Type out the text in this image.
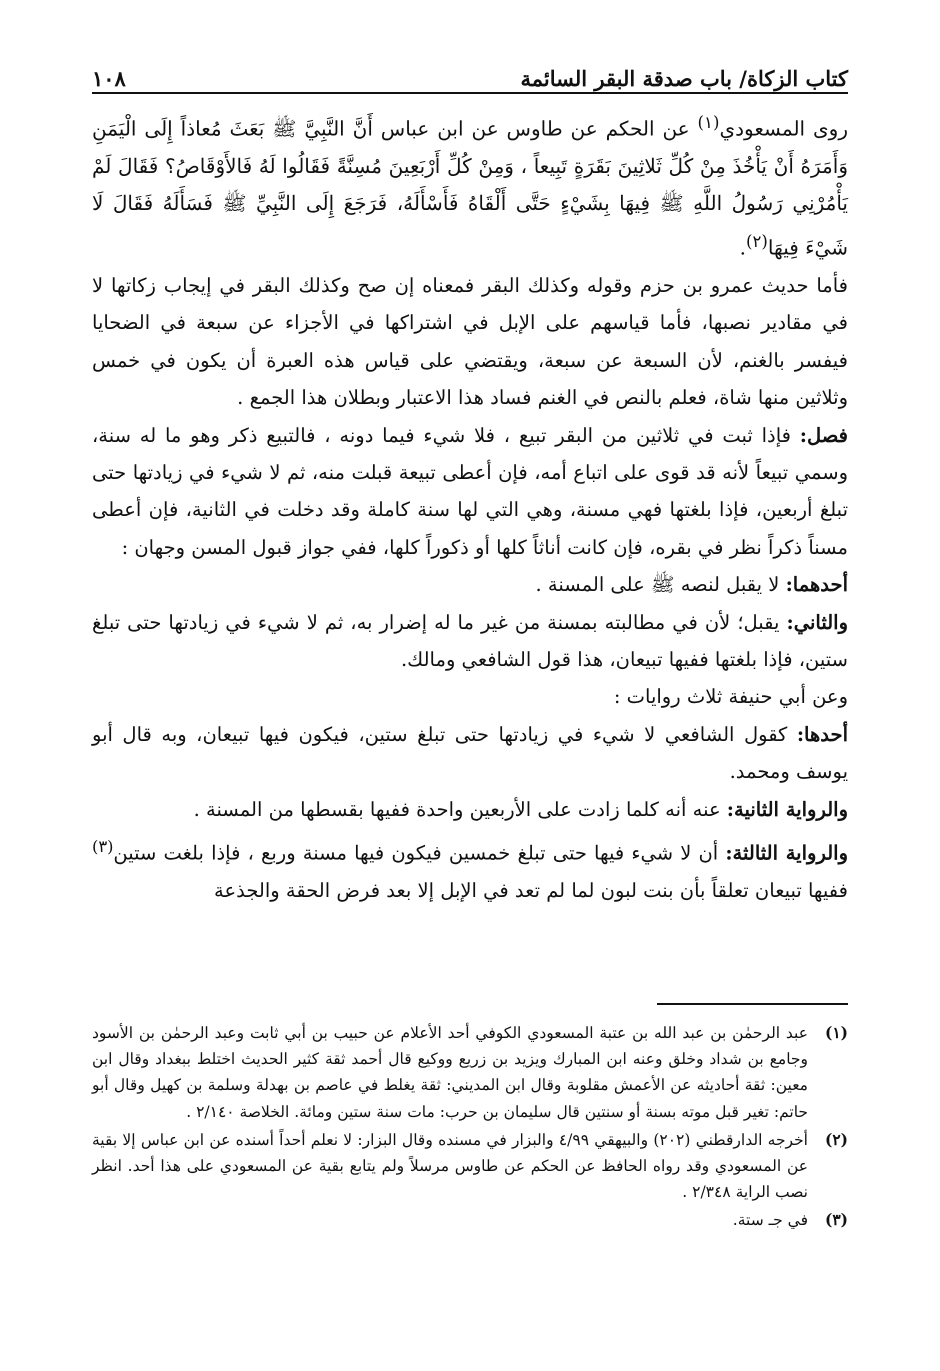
كتاب الزكاة/ باب صدقة البقر السائمة
١٠٨

روى المسعودي$^{(١)}$ عن الحكم عن طاوس عن ابن عباس أَنَّ النَّبِيَّ ﷺ بَعَثَ مُعاذاً إِلَى الْيَمَنِ وَأَمَرَهُ أَنْ يَأْخُذَ مِنْ كُلِّ ثَلاثِينَ بَقَرَةٍ تَبِيعاً ، وَمِنْ كُلِّ أَرْبَعِينَ مُسِنَّةً فَقَالُوا لَهُ فَالأَوْقَاصُ؟ فَقَالَ لَمْ يَأْمُرْنِي رَسُولُ اللَّهِ ﷺ فِيهَا بِشَيْءٍ حَتَّى أَلْقَاهُ فَأَسْأَلَهُ، فَرَجَعَ إِلَى النَّبِيِّ ﷺ فَسَأَلَهُ فَقَالَ لَا شَيْءَ فِيهَا$^{(٢)}$.

فأما حديث عمرو بن حزم وقوله وكذلك البقر فمعناه إن صح وكذلك البقر في إيجاب زكاتها لا في مقادير نصبها، فأما قياسهم على الإبل في اشتراكها في الأجزاء عن سبعة في الضحايا فيفسر بالغنم، لأن السبعة عن سبعة، ويقتضي على قياس هذه العبرة أن يكون في خمس وثلاثين منها شاة، فعلم بالنص في الغنم فساد هذا الاعتبار وبطلان هذا الجمع .

فصل: فإذا ثبت في ثلاثين من البقر تبيع ، فلا شيء فيما دونه ، فالتبيع ذكر وهو ما له سنة، وسمي تبيعاً لأنه قد قوى على اتباع أمه، فإن أعطى تبيعة قبلت منه، ثم لا شيء في زيادتها حتى تبلغ أربعين، فإذا بلغتها فهي مسنة، وهي التي لها سنة كاملة وقد دخلت في الثانية، فإن أعطى مسناً ذكراً نظر في بقره، فإن كانت أناثاً كلها أو ذكوراً كلها، ففي جواز قبول المسن وجهان :

أحدهما: لا يقبل لنصه ﷺ على المسنة .

والثاني: يقبل؛ لأن في مطالبته بمسنة من غير ما له إضرار به، ثم لا شيء في زيادتها حتى تبلغ ستين، فإذا بلغتها ففيها تبيعان، هذا قول الشافعي ومالك.

وعن أبي حنيفة ثلاث روايات :

أحدها: كقول الشافعي لا شيء في زيادتها حتى تبلغ ستين، فيكون فيها تبيعان، وبه قال أبو يوسف ومحمد.

والرواية الثانية: عنه أنه كلما زادت على الأربعين واحدة ففيها بقسطها من المسنة .

والرواية الثالثة: أن لا شيء فيها حتى تبلغ خمسين فيكون فيها مسنة وربع ، فإذا بلغت ستين$^{(٣)}$ ففيها تبيعان تعلقاً بأن بنت لبون لما لم تعد في الإبل إلا بعد فرض الحقة والجذعة

(١)
عبد الرحمٰن بن عبد الله بن عتبة المسعودي الكوفي أحد الأعلام عن حبيب بن أبي ثابت وعبد الرحمٰن بن الأسود وجامع بن شداد وخلق وعنه ابن المبارك ويزيد بن زريع ووكيع قال أحمد ثقة كثير الحديث اختلط ببغداد وقال ابن معين: ثقة أحاديثه عن الأعمش مقلوبة وقال ابن المديني: ثقة يغلط في عاصم بن بهدلة وسلمة بن كهيل وقال أبو حاتم: تغير قبل موته بسنة أو سنتين قال سليمان بن حرب: مات سنة ستين ومائة. الخلاصة ٢/١٤٠ .
(٢)
أخرجه الدارقطني (٢٠٢) والبيهقي ٤/٩٩ والبزار في مسنده وقال البزار: لا نعلم أحداً أسنده عن ابن عباس إلا بقية عن المسعودي وقد رواه الحافظ عن الحكم عن طاوس مرسلاً ولم يتابع بقية عن المسعودي على هذا أحد. انظر نصب الراية ٢/٣٤٨ .
(٣)
في جـ ستة.
